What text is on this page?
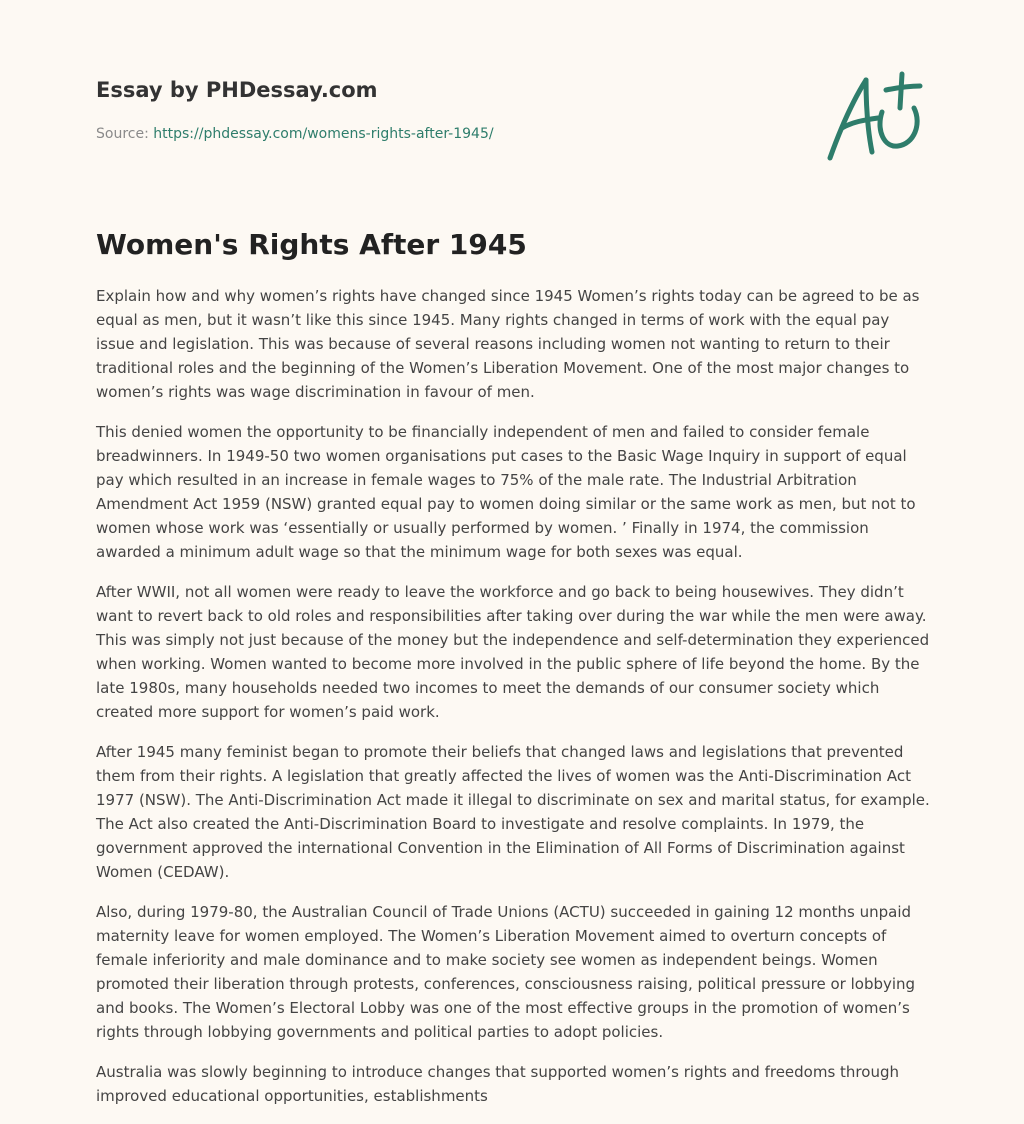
Essay by PHDessay.com
Source: https://phdessay.com/womens-rights-after-1945/
Women's Rights After 1945

Explain how and why women’s rights have changed since 1945 Women’s rights today can be agreed to be as equal as men, but it wasn’t like this since 1945. Many rights changed in terms of work with the equal pay issue and legislation. This was because of several reasons including women not wanting to return to their traditional roles and the beginning of the Women’s Liberation Movement. One of the most major changes to women’s rights was wage discrimination in favour of men.

This denied women the opportunity to be financially independent of men and failed to consider female breadwinners. In 1949-50 two women organisations put cases to the Basic Wage Inquiry in support of equal pay which resulted in an increase in female wages to 75% of the male rate. The Industrial Arbitration Amendment Act 1959 (NSW) granted equal pay to women doing similar or the same work as men, but not to women whose work was ‘essentially or usually performed by women. ’ Finally in 1974, the commission awarded a minimum adult wage so that the minimum wage for both sexes was equal.

After WWII, not all women were ready to leave the workforce and go back to being housewives. They didn’t want to revert back to old roles and responsibilities after taking over during the war while the men were away. This was simply not just because of the money but the independence and self-determination they experienced when working. Women wanted to become more involved in the public sphere of life beyond the home. By the late 1980s, many households needed two incomes to meet the demands of our consumer society which created more support for women’s paid work.

After 1945 many feminist began to promote their beliefs that changed laws and legislations that prevented them from their rights. A legislation that greatly affected the lives of women was the Anti-Discrimination Act 1977 (NSW). The Anti-Discrimination Act made it illegal to discriminate on sex and marital status, for example. The Act also created the Anti-Discrimination Board to investigate and resolve complaints. In 1979, the government approved the international Convention in the Elimination of All Forms of Discrimination against Women (CEDAW).

Also, during 1979-80, the Australian Council of Trade Unions (ACTU) succeeded in gaining 12 months unpaid maternity leave for women employed. The Women’s Liberation Movement aimed to overturn concepts of female inferiority and male dominance and to make society see women as independent beings. Women promoted their liberation through protests, conferences, consciousness raising, political pressure or lobbying and books. The Women’s Electoral Lobby was one of the most effective groups in the promotion of women’s rights through lobbying governments and political parties to adopt policies.

Australia was slowly beginning to introduce changes that supported women’s rights and freedoms through improved educational opportunities, establishments
